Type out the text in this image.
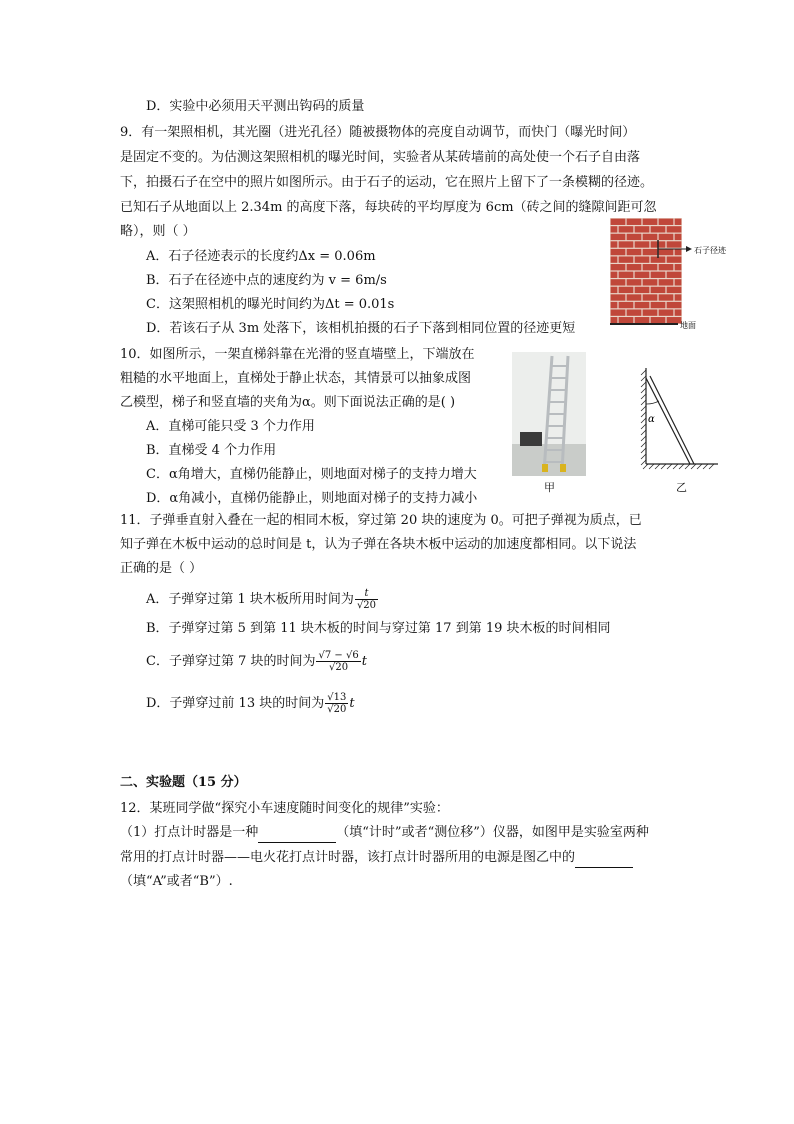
D．实验中必须用天平测出钩码的质量
9．有一架照相机，其光圈（进光孔径）随被摄物体的亮度自动调节，而快门（曝光时间）
是固定不变的。为估测这架照相机的曝光时间，实验者从某砖墙前的高处使一个石子自由落
下，拍摄石子在空中的照片如图所示。由于石子的运动，它在照片上留下了一条模糊的径迹。
已知石子从地面以上 2.34m 的高度下落，每块砖的平均厚度为 6cm（砖之间的缝隙间距可忽
略），则（ ）
A．石子径迹表示的长度约Δx = 0.06m
B．石子在径迹中点的速度约为 v = 6m/s
C．这架照相机的曝光时间约为Δt = 0.01s
D．若该石子从 3m 处落下，该相机拍摄的石子下落到相同位置的径迹更短
石子径迹
地面
10．如图所示，一架直梯斜靠在光滑的竖直墙壁上，下端放在
粗糙的水平地面上，直梯处于静止状态，其情景可以抽象成图
乙模型，梯子和竖直墙的夹角为α。则下面说法正确的是( )
A．直梯可能只受 3 个力作用
B．直梯受 4 个力作用
C．α角增大，直梯仍能静止，则地面对梯子的支持力增大
D．α角减小，直梯仍能静止，则地面对梯子的支持力减小
甲
α
乙
11．子弹垂直射入叠在一起的相同木板，穿过第 20 块的速度为 0。可把子弹视为质点，已
知子弹在木板中运动的总时间是 t，认为子弹在各块木板中运动的加速度都相同。以下说法
正确的是（ ）
A．子弹穿过第 1 块木板所用时间为 $\frac{t}{√20}$
B．子弹穿过第 5 到第 11 块木板的时间与穿过第 17 到第 19 块木板的时间相同
C．子弹穿过第 7 块的时间为 $\frac{√7 - √6}{√20}$ t
D．子弹穿过前 13 块的时间为 $\frac{√13}{√20}$ t
二、实验题（15 分）
12．某班同学做“探究小车速度随时间变化的规律”实验：
（1）打点计时器是一种	（填“计时”或者“测位移”）仪器，如图甲是实验室两种
常用的打点计时器——电火花打点计时器，该打点计时器所用的电源是图乙中的
（填“A”或者“B”）.
